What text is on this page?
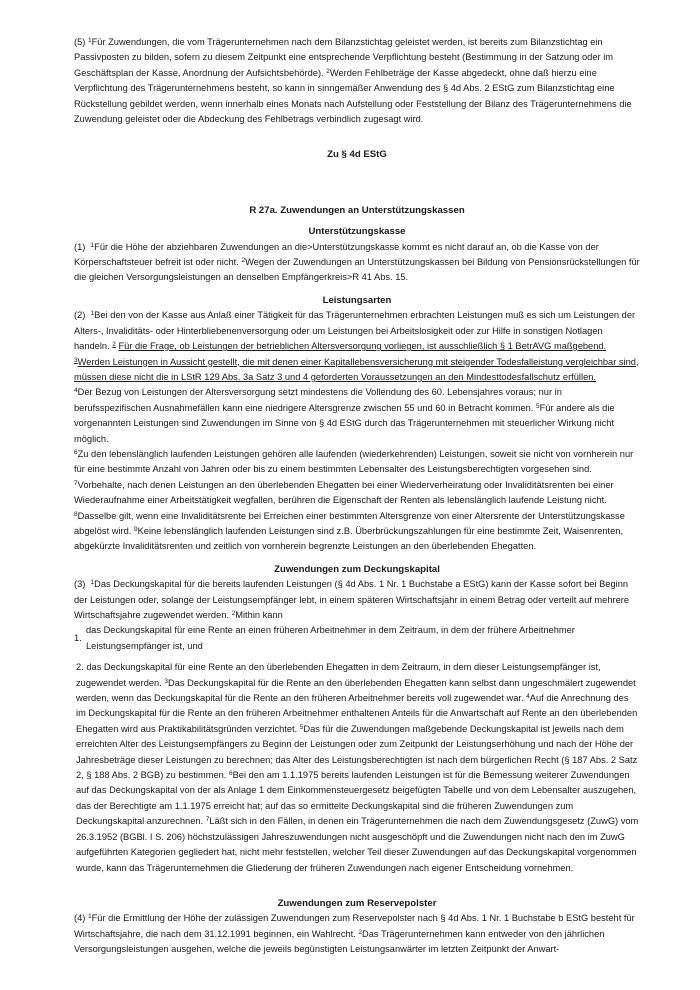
(5) $^1$Für Zuwendungen, die vom Trägerunternehmen nach dem Bilanzstichtag geleistet werden, ist bereits zum Bilanzstichtag ein Passivposten zu bilden, sofern zu diesem Zeitpunkt eine entsprechende Verpflichtung besteht (Bestimmung in der Satzung oder im Geschäftsplan der Kasse, Anordnung der Aufsichtsbehörde). $^2$Werden Fehlbeträge der Kasse abgedeckt, ohne daß hierzu eine Verpflichtung des Trägerunternehmens besteht, so kann in sinngemäßer Anwendung des § 4d Abs. 2 EStG zum Bilanzstichtag eine Rückstellung gebildet werden, wenn innerhalb eines Monats nach Aufstellung oder Feststellung der Bilanz des Trägerunternehmens die Zuwendung geleistet oder die Abdeckung des Fehlbetrags verbindlich zugesagt wird.

Zu § 4d EStG

R 27a. Zuwendungen an Unterstützungskassen

Unterstützungskasse

(1) $^1$Für die Höhe der abziehbaren Zuwendungen an die>Unterstützungskasse kommt es nicht darauf an, ob die Kasse von der Körperschaftsteuer befreit ist oder nicht. $^2$Wegen der Zuwendungen an Unterstützungskassen bei Bildung von Pensionsrückstellungen für die gleichen Versorgungsleistungen an denselben Empfängerkreis>R 41 Abs. 15.

Leistungsarten

(2) $^1$Bei den von der Kasse aus Anlaß einer Tätigkeit für das Trägerunternehmen erbrachten Leistungen muß es sich um Leistungen der Alters-, Invaliditäts- oder Hinterbliebenenversorgung oder um Leistungen bei Arbeitslosigkeit oder zur Hilfe in sonstigen Notlagen handeln. $^2$ Für die Frage, ob Leistungen der betrieblichen Altersversorgung vorliegen, ist ausschließlich § 1 BetrAVG maßgebend. $^3$Werden Leistungen in Aussicht gestellt, die mit denen einer Kapitallebensversicherung mit steigender Todesfalleistung vergleichbar sind, müssen diese nicht die in LStR 129 Abs. 3a Satz 3 und 4 geforderten Voraussetzungen an den Mindesttodesfallschutz erfüllen.
$^4$Der Bezug von Leistungen der Altersversorgung setzt mindestens die Vollendung des 60. Lebensjahres voraus; nur in berufsspezifischen Ausnahmefällen kann eine niedrigere Altersgrenze zwischen 55 und 60 in Betracht kommen. $^5$Für andere als die vorgenannten Leistungen sind Zuwendungen im Sinne von § 4d EStG durch das Trägerunternehmen mit steuerlicher Wirkung nicht möglich.
$^6$Zu den lebenslänglich laufenden Leistungen gehören alle laufenden (wiederkehrenden) Leistungen, soweit sie nicht von vornherein nur für eine bestimmte Anzahl von Jahren oder bis zu einem bestimmten Lebensalter des Leistungsberechtigten vorgesehen sind.
$^7$Vorbehalte, nach denen Leistungen an den überlebenden Ehegatten bei einer Wiederverheiratung oder Invaliditätsrenten bei einer Wiederaufnahme einer Arbeitstätigkeit wegfallen, berühren die Eigenschaft der Renten als lebenslänglich laufende Leistung nicht.
$^8$Dasselbe gilt, wenn eine Invaliditätsrente bei Erreichen einer bestimmten Altersgrenze von einer Altersrente der Unterstützungskasse abgelöst wird. $^9$Keine lebenslänglich laufenden Leistungen sind z.B. Überbrückungszahlungen für eine bestimmte Zeit, Waisenrenten, abgekürzte Invaliditätsrenten und zeitlich von vornherein begrenzte Leistungen an den überlebenden Ehegatten.

Zuwendungen zum Deckungskapital

(3) $^1$Das Deckungskapital für die bereits laufenden Leistungen (§ 4d Abs. 1 Nr. 1 Buchstabe a EStG) kann der Kasse sofort bei Beginn der Leistungen oder, solange der Leistungsempfänger lebt, in einem späteren Wirtschaftsjahr in einem Betrag oder verteilt auf mehrere Wirtschaftsjahre zugewendet werden. $^2$Mithin kann

1.
das Deckungskapital für eine Rente an einen früheren Arbeitnehmer in dem Zeitraum, in dem der frühere Arbeitnehmer Leistungsempfänger ist, und
2. das Deckungskapital für eine Rente an den überlebenden Ehegatten in dem Zeitraum, in dem dieser Leistungsempfänger ist, zugewendet werden. $^3$Das Deckungskapital für die Rente an den überlebenden Ehegatten kann selbst dann ungeschmälert zugewendet werden, wenn das Deckungskapital für die Rente an den früheren Arbeitnehmer bereits voll zugewendet war. $^4$Auf die Anrechnung des im Deckungskapital für die Rente an den früheren Arbeitnehmer enthaltenen Anteils für die Anwartschaft auf Rente an den überlebenden Ehegatten wird aus Praktikabilitätsgründen verzichtet. $^5$Das für die Zuwendungen maßgebende Deckungskapital ist jeweils nach dem erreichten Alter des Leistungsempfängers zu Beginn der Leistungen oder zum Zeitpunkt der Leistungserhöhung und nach der Höhe der Jahresbeträge dieser Leistungen zu berechnen; das Alter des Leistungsberechtigten ist nach dem bürgerlichen Recht (§ 187 Abs. 2 Satz 2, § 188 Abs. 2 BGB) zu bestimmen. $^6$Bei den am 1.1.1975 bereits laufenden Leistungen ist für die Bemessung weiterer Zuwendungen auf das Deckungskapital von der als Anlage 1 dem Einkommensteuergesetz beigefügten Tabelle und von dem Lebensalter auszugehen, das der Berechtigte am 1.1.1975 erreicht hat; auf das so ermittelte Deckungskapital sind die früheren Zuwendungen zum Deckungskapital anzurechnen. $^7$Läßt sich in den Fällen, in denen ein Trägerunternehmen die nach dem Zuwendungsgesetz (ZuwG) vom 26.3.1952 (BGBl. I S. 206) höchstzulässigen Jahreszuwendungen nicht ausgeschöpft und die Zuwendungen nicht nach den im ZuwG aufgeführten Kategorien gegliedert hat, nicht mehr feststellen, welcher Teil dieser Zuwendungen auf das Deckungskapital vorgenommen wurde, kann das Trägerunternehmen die Gliederung der früheren Zuwendungen nach eigener Entscheidung vornehmen.

Zuwendungen zum Reservepolster

(4) $^1$Für die Ermittlung der Höhe der zulässigen Zuwendungen zum Reservepolster nach § 4d Abs. 1 Nr. 1 Buchstabe b EStG besteht für Wirtschaftsjahre, die nach dem 31.12.1991 beginnen, ein Wahlrecht. $^2$Das Trägerunternehmen kann entweder von den jährlichen Versorgungsleistungen ausgehen, welche die jeweils begünstigten Leistungsanwärter im letzten Zeitpunkt der Anwart-
